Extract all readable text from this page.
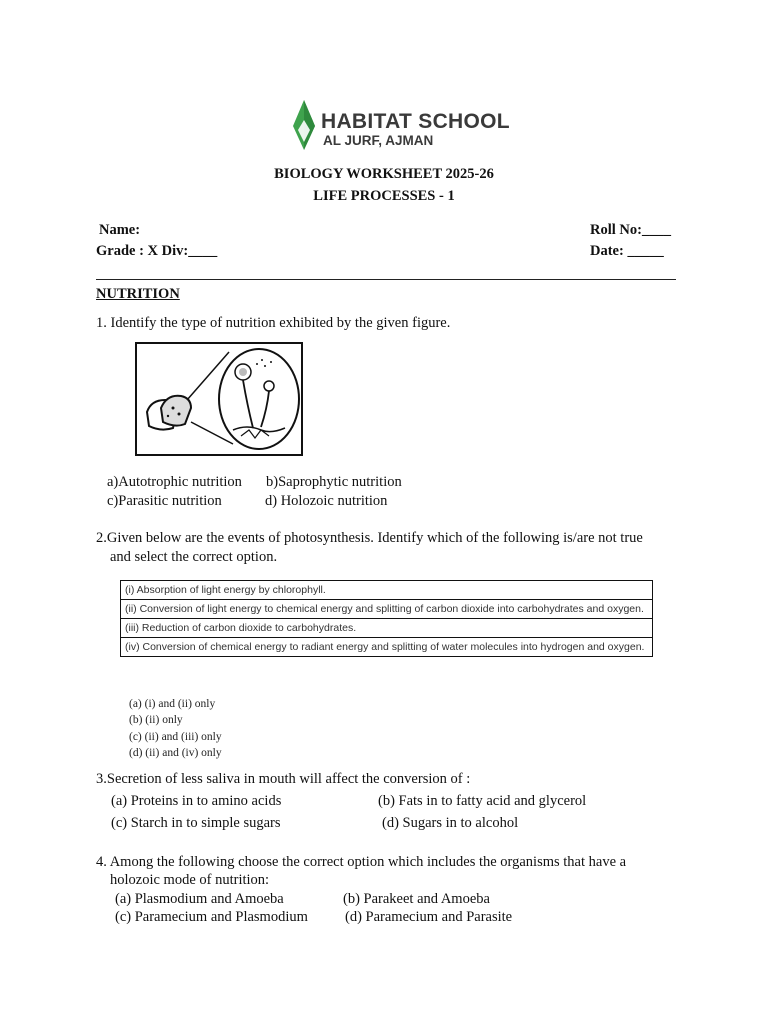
HABITAT SCHOOL
AL JURF, AJMAN
BIOLOGY WORKSHEET 2025-26
LIFE PROCESSES - 1
Name:	Roll No:____
Grade : X Div:____	Date: _____
NUTRITION
1. Identify the type of nutrition exhibited by the given figure.
a)Autotrophic nutrition b)Saprophytic nutrition
c)Parasitic nutrition	d) Holozoic nutrition
2.Given below are the events of photosynthesis. Identify which of the following is/are not true
and select the correct option.
(i) Absorption of light energy by chlorophyll.
(ii) Conversion of light energy to chemical energy and splitting of carbon dioxide into carbohydrates and oxygen.
(iii) Reduction of carbon dioxide to carbohydrates.
(iv) Conversion of chemical energy to radiant energy and splitting of water molecules into hydrogen and oxygen.
(a) (i) and (ii) only
(b) (ii) only
(c) (ii) and (iii) only
(d) (ii) and (iv) only
3.Secretion of less saliva in mouth will affect the conversion of :
(a) Proteins in to amino acids	(b) Fats in to fatty acid and glycerol
(c) Starch in to simple sugars	(d) Sugars in to alcohol
4. Among the following choose the correct option which includes the organisms that have a
holozoic mode of nutrition:
(a) Plasmodium and Amoeba	(b) Parakeet and Amoeba
(c) Paramecium and Plasmodium	(d) Paramecium and Parasite
